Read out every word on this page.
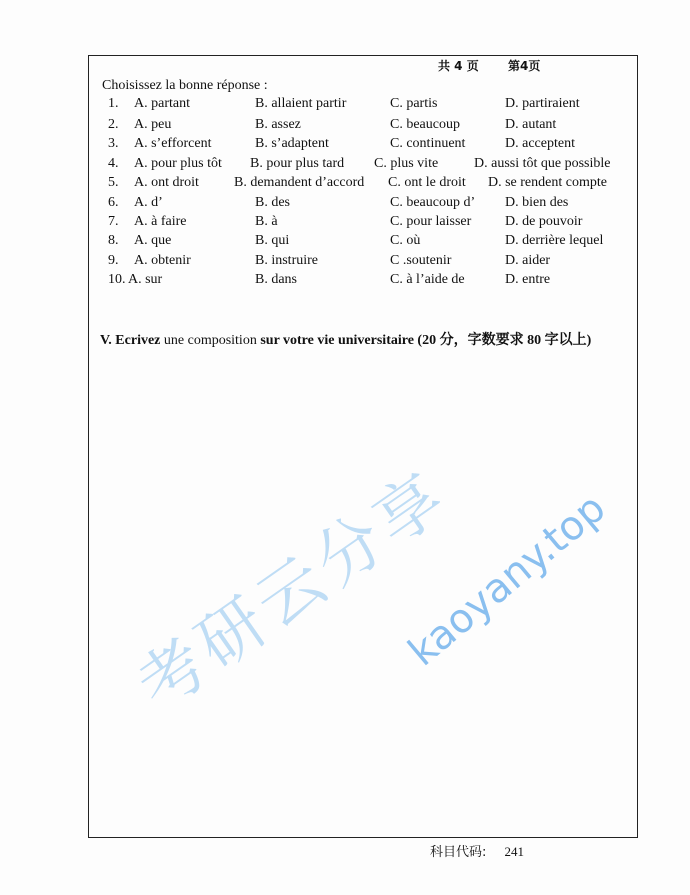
共 4 页 第4页
Choisissez la bonne réponse :
1. A. partant	B. allaient partir	C. partis	D. partiraient
2. A. peu	B. assez	C. beaucoup	D. autant
3. A. s’efforcent	B. s’adaptent	C. continuent	D. acceptent
4. A. pour plus tôt B. pour plus tard C. plus vite	D. aussi tôt que possible
5. A. ont droit	B. demandent d’accord C. ont le droit D. se rendent compte
6. A. d’	B. des	C. beaucoup d’ D. bien des
7. A. à faire	B. à	C. pour laisser D. de pouvoir
8. A. que	B. qui	C. où	D. derrière lequel
9. A. obtenir	B. instruire	C .soutenir	D. aider
10. A. sur	B. dans	C. à l’aide de	D. entre
V. Ecrivez une composition sur votre vie universitaire (20 分，字数要求 80 字以上)
考研云分享
kaoyany.top
科目代码: 241
